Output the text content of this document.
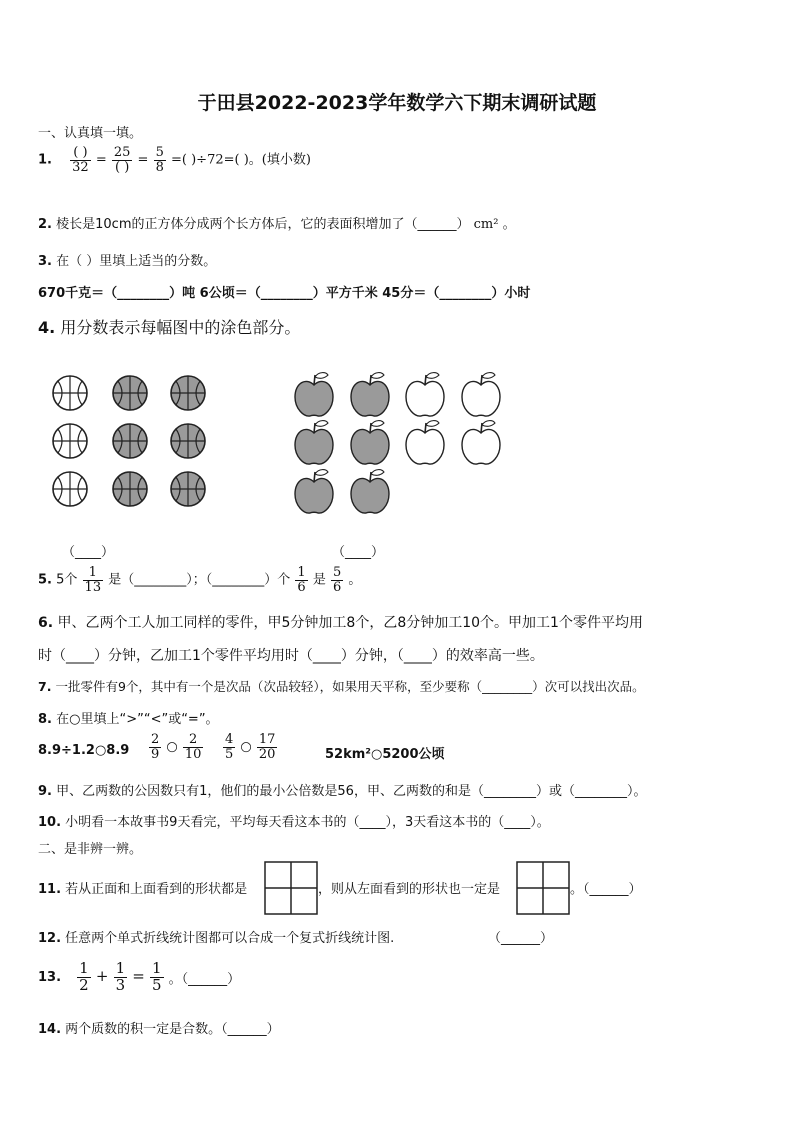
于田县2022-2023学年数学六下期末调研试题
一、认真填一填。
1. $\frac{( )}{32} = \frac{25}{( )} = \frac{5}{8}$ =( )÷72=( )。(填小数)
2. 棱长是10cm的正方体分成两个长方体后，它的表面积增加了（______） cm² 。
3. 在（ ）里填上适当的分数。
670千克＝（________）吨 6公顷＝（________）平方千米 45分＝（________）小时
4. 用分数表示每幅图中的涂色部分。
（____）	（____）
5. 5个 $\frac{1}{13}$ 是（________）；（________）个 $\frac{1}{6}$ 是 $\frac{5}{6}$ 。
6. 甲、乙两个工人加工同样的零件，甲5分钟加工8个，乙8分钟加工10个。甲加工1个零件平均用
时（____）分钟，乙加工1个零件平均用时（____）分钟，（____）的效率高一些。
7. 一批零件有9个，其中有一个是次品（次品较轻），如果用天平称，至少要称（________）次可以找出次品。
8. 在○里填上“>”“<”或“=”。
8.9÷1.2○8.9 $\frac{2}{9}$ ○ $\frac{2}{10} \frac{4}{5}$ ○ $\frac{17}{20}$	52km²○5200公顷
9. 甲、乙两数的公因数只有1，他们的最小公倍数是56，甲、乙两数的和是（________）或（________）。
10. 小明看一本故事书9天看完，平均每天看这本书的（____），3天看这本书的（____）。
二、是非辨一辨。
11. 若从正面和上面看到的形状都是	，则从左面看到的形状也一定是	。（______）
12. 任意两个单式折线统计图都可以合成一个复式折线统计图.	（______）
13. $\frac{1}{2} + \frac{1}{3} = \frac{1}{5}$ 。（______）
14. 两个质数的积一定是合数。（______）
